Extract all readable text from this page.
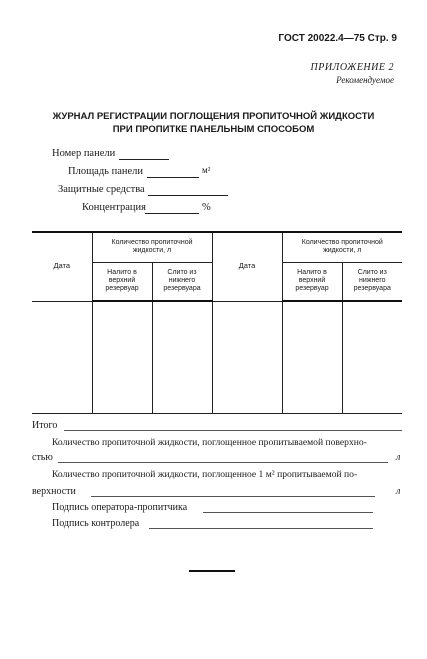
ГОСТ 20022.4—75 Стр. 9
ПРИЛОЖЕНИЕ 2
Рекомендуемое
ЖУРНАЛ РЕГИСТРАЦИИ ПОГЛОЩЕНИЯ ПРОПИТОЧНОЙ ЖИДКОСТИ
ПРИ ПРОПИТКЕ ПАНЕЛЬНЫМ СПОСОБОМ
Номер панели
Площадь панели	м²
Защитные средства
Концентрация	%
Дата	Количество пропиточной жидкости, л		Дата	Количество пропиточной жидкости, л	
	Налито в верхний резервуар	Слито из нижнего резервуара		Налито в верхний резервуар	Слито из нижнего резервуара

Итого
Количество пропиточной жидкости, поглощенное пропитываемой поверхно-
стью	л
Количество пропиточной жидкости, поглощенное 1 м² пропитываемой по-
верхности	л
Подпись оператора-пропитчика
Подпись контролера
